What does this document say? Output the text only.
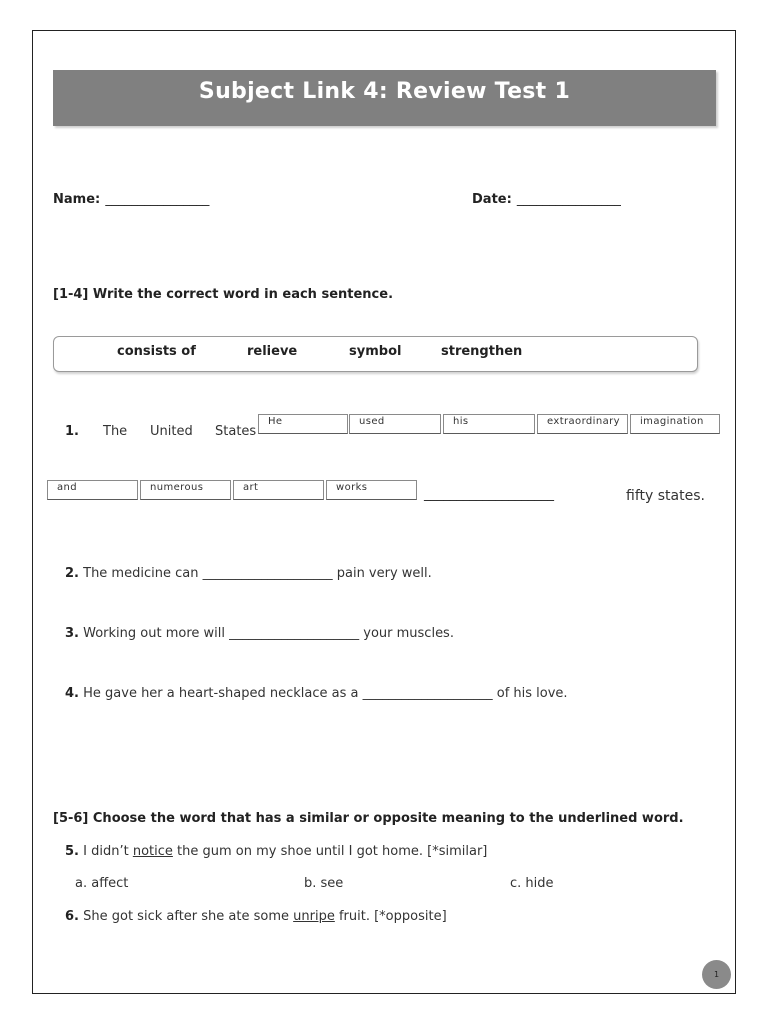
Subject Link 4: Review Test 1
Name: ________________	Date: ________________
[1-4] Write the correct word in each sentence.
consists of	relieve	symbol	strengthen
1. The United States
He	used	his	extraordinary	imagination
and	numerous	art	works	____________________	fifty states.
2. The medicine can ____________________ pain very well.
3. Working out more will ____________________ your muscles.
4. He gave her a heart-shaped necklace as a ____________________ of his love.
[5-6] Choose the word that has a similar or opposite meaning to the underlined word.
5. I didn’t notice the gum on my shoe until I got home. [*similar]
a. affect	b. see	c. hide
6. She got sick after she ate some unripe fruit. [*opposite]
1
